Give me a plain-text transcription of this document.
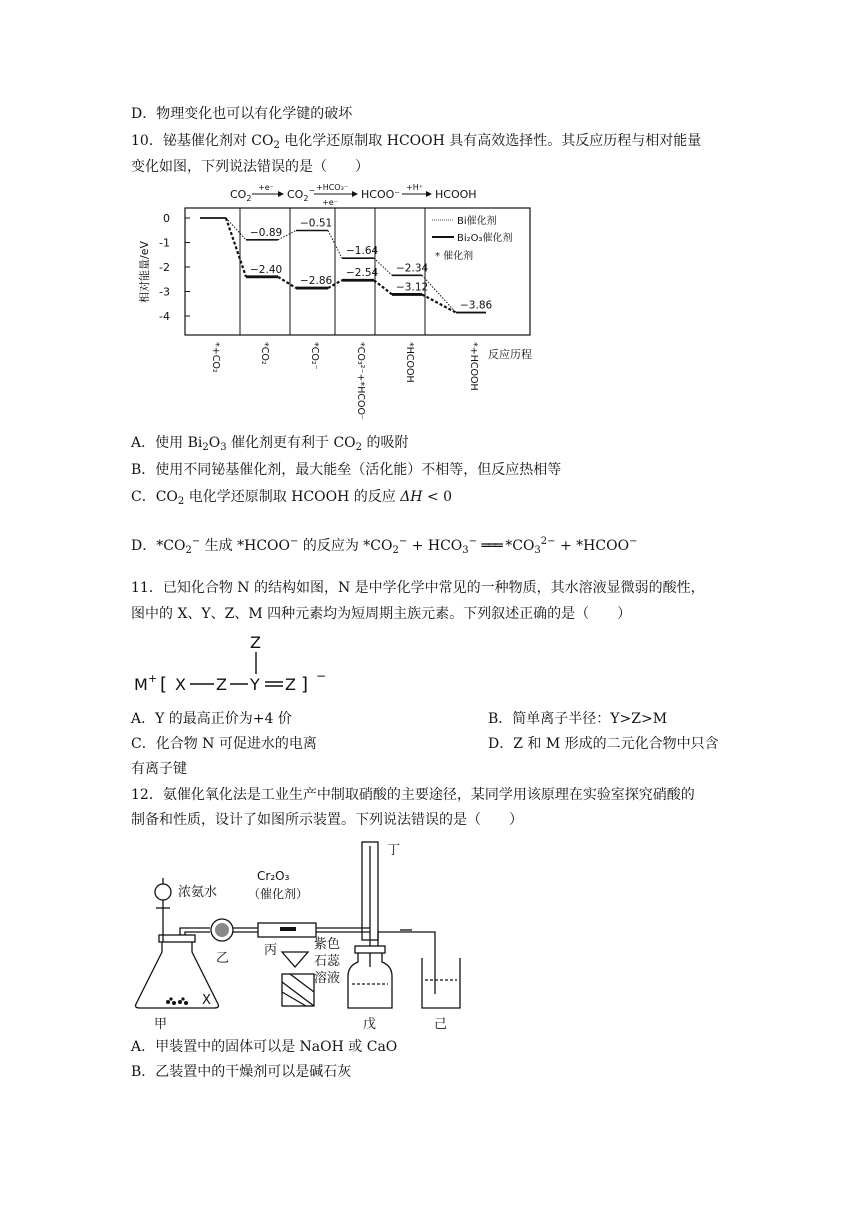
D．物理变化也可以有化学键的破坏
10．铋基催化剂对 $CO_2$ 电化学还原制取 HCOOH 具有高效选择性。其反应历程与相对能量
变化如图，下列说法错误的是（　　）
$CO_2$
+e⁻
$CO_2^- +HCO_3^-$
+e⁻
HCOO⁻
+H⁺
HCOOH
0
-1
-2
-3
-4
相对能量/eV
−0.89
−0.51
−1.64
−2.34
−3.86
−2.40
−2.86
−2.54
−3.12
Bi催化剂
Bi₂O₃催化剂
* 催化剂
*+CO₂	*CO₂	*CO₂⁻	*CO₃²⁻+*HCOO⁻	*HCOOH	*+HCOOH 反应历程
A．使用 $Bi_2O_3$ 催化剂更有利于 $CO_2$ 的吸附
B．使用不同铋基催化剂，最大能垒（活化能）不相等，但反应热相等
C．$CO_2$ 电化学还原制取 HCOOH 的反应 ΔH < 0
D．$*CO_2^-$ 生成 *HCOO− 的反应为 $*CO_2^- + HCO_3^-$ ═══ $*CO_3^{2-}$ + *HCOO−
11．已知化合物 N 的结构如图，N 是中学化学中常见的一种物质，其水溶液显微弱的酸性，
图中的 X、Y、Z、M 四种元素均为短周期主族元素。下列叙述正确的是（　　）
M + [ X Z Y
Z
Z ] −
A．Y 的最高正价为+4 价	B．简单离子半径：Y>Z>M
C．化合物 N 可促进水的电离	D．Z 和 M 形成的二元化合物中只含
有离子键
12．氨催化氧化法是工业生产中制取硝酸的主要途径，某同学用该原理在实验室探究硝酸的
制备和性质，设计了如图所示装置。下列说法错误的是（　　）
浓氨水
Cr₂O₃
（催化剂）
X
甲
乙
丙	紫色
石蕊
溶液
丁
戊	己
A．甲装置中的固体可以是 NaOH 或 CaO
B．乙装置中的干燥剂可以是碱石灰
